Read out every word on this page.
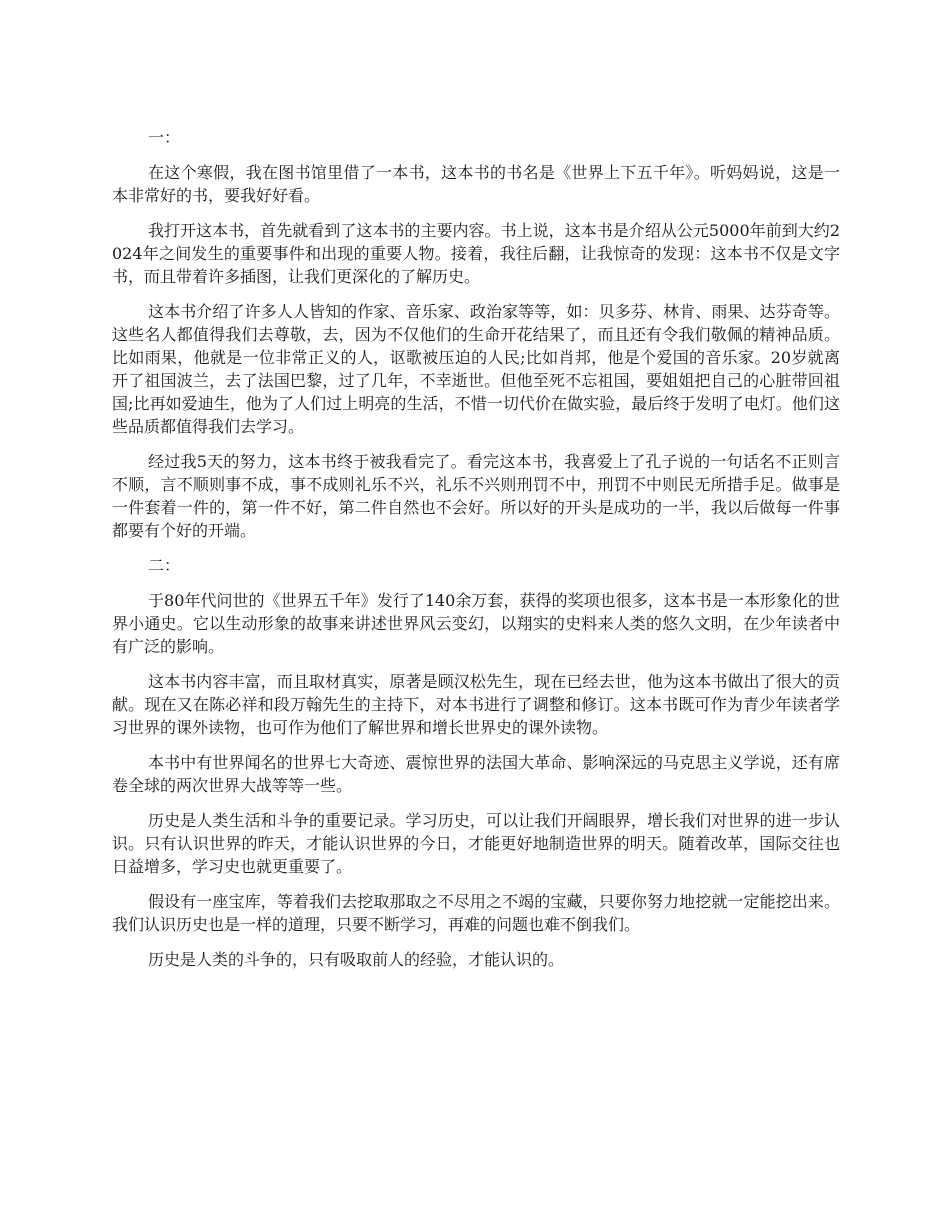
一：

在这个寒假，我在图书馆里借了一本书，这本书的书名是《世界上下五千年》。听妈妈说，这是一本非常好的书，要我好好看。

我打开这本书，首先就看到了这本书的主要内容。书上说，这本书是介绍从公元5000年前到大约2024年之间发生的重要事件和出现的重要人物。接着，我往后翻，让我惊奇的发现：这本书不仅是文字书，而且带着许多插图，让我们更深化的了解历史。

这本书介绍了许多人人皆知的作家、音乐家、政治家等等，如：贝多芬、林肯、雨果、达芬奇等。这些名人都值得我们去尊敬，去，因为不仅他们的生命开花结果了，而且还有令我们敬佩的精神品质。比如雨果，他就是一位非常正义的人，讴歌被压迫的人民;比如肖邦，他是个爱国的音乐家。20岁就离开了祖国波兰，去了法国巴黎，过了几年，不幸逝世。但他至死不忘祖国，要姐姐把自己的心脏带回祖国;比再如爱迪生，他为了人们过上明亮的生活，不惜一切代价在做实验，最后终于发明了电灯。他们这些品质都值得我们去学习。

经过我5天的努力，这本书终于被我看完了。看完这本书，我喜爱上了孔子说的一句话名不正则言不顺，言不顺则事不成，事不成则礼乐不兴，礼乐不兴则刑罚不中，刑罚不中则民无所措手足。做事是一件套着一件的，第一件不好，第二件自然也不会好。所以好的开头是成功的一半，我以后做每一件事都要有个好的开端。

二：

于80年代问世的《世界五千年》发行了140余万套，获得的奖项也很多，这本书是一本形象化的世界小通史。它以生动形象的故事来讲述世界风云变幻，以翔实的史料来人类的悠久文明，在少年读者中有广泛的影响。

这本书内容丰富，而且取材真实，原著是顾汉松先生，现在已经去世，他为这本书做出了很大的贡献。现在又在陈必祥和段万翰先生的主持下，对本书进行了调整和修订。这本书既可作为青少年读者学习世界的课外读物，也可作为他们了解世界和增长世界史的课外读物。

本书中有世界闻名的世界七大奇迹、震惊世界的法国大革命、影响深远的马克思主义学说，还有席卷全球的两次世界大战等等一些。

历史是人类生活和斗争的重要记录。学习历史，可以让我们开阔眼界，增长我们对世界的进一步认识。只有认识世界的昨天，才能认识世界的今日，才能更好地制造世界的明天。随着改革，国际交往也日益增多，学习史也就更重要了。

假设有一座宝库，等着我们去挖取那取之不尽用之不竭的宝藏，只要你努力地挖就一定能挖出来。我们认识历史也是一样的道理，只要不断学习，再难的问题也难不倒我们。

历史是人类的斗争的，只有吸取前人的经验，才能认识的。
